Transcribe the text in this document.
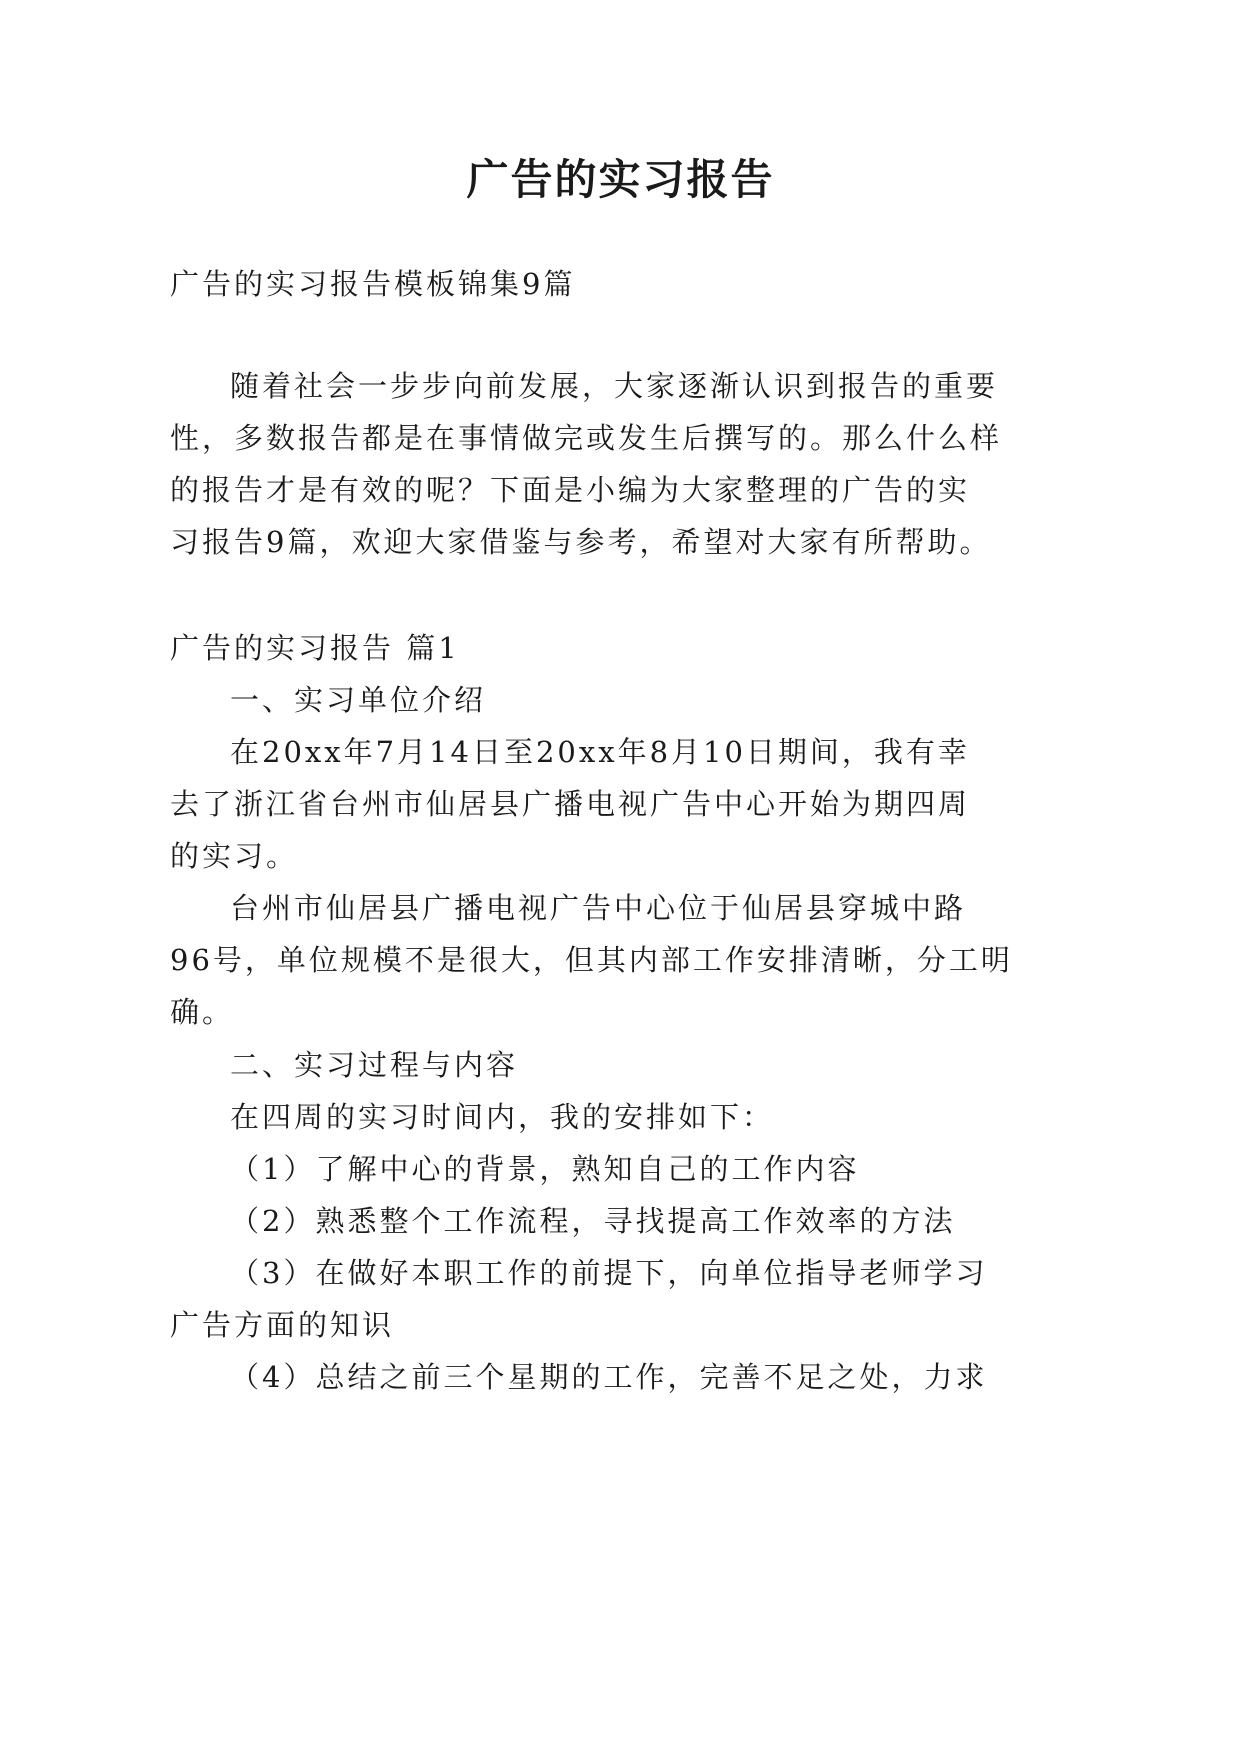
广告的实习报告
广告的实习报告模板锦集9篇
随着社会一步步向前发展，大家逐渐认识到报告的重要
性，多数报告都是在事情做完或发生后撰写的。那么什么样
的报告才是有效的呢？下面是小编为大家整理的广告的实
习报告9篇，欢迎大家借鉴与参考，希望对大家有所帮助。
广告的实习报告 篇1
一、实习单位介绍
在20xx年7月14日至20xx年8月10日期间，我有幸
去了浙江省台州市仙居县广播电视广告中心开始为期四周
的实习。
台州市仙居县广播电视广告中心位于仙居县穿城中路
96号，单位规模不是很大，但其内部工作安排清晰，分工明
确。
二、实习过程与内容
在四周的实习时间内，我的安排如下：
（1）了解中心的背景，熟知自己的工作内容
（2）熟悉整个工作流程，寻找提高工作效率的方法
（3）在做好本职工作的前提下，向单位指导老师学习
广告方面的知识
（4）总结之前三个星期的工作，完善不足之处，力求
